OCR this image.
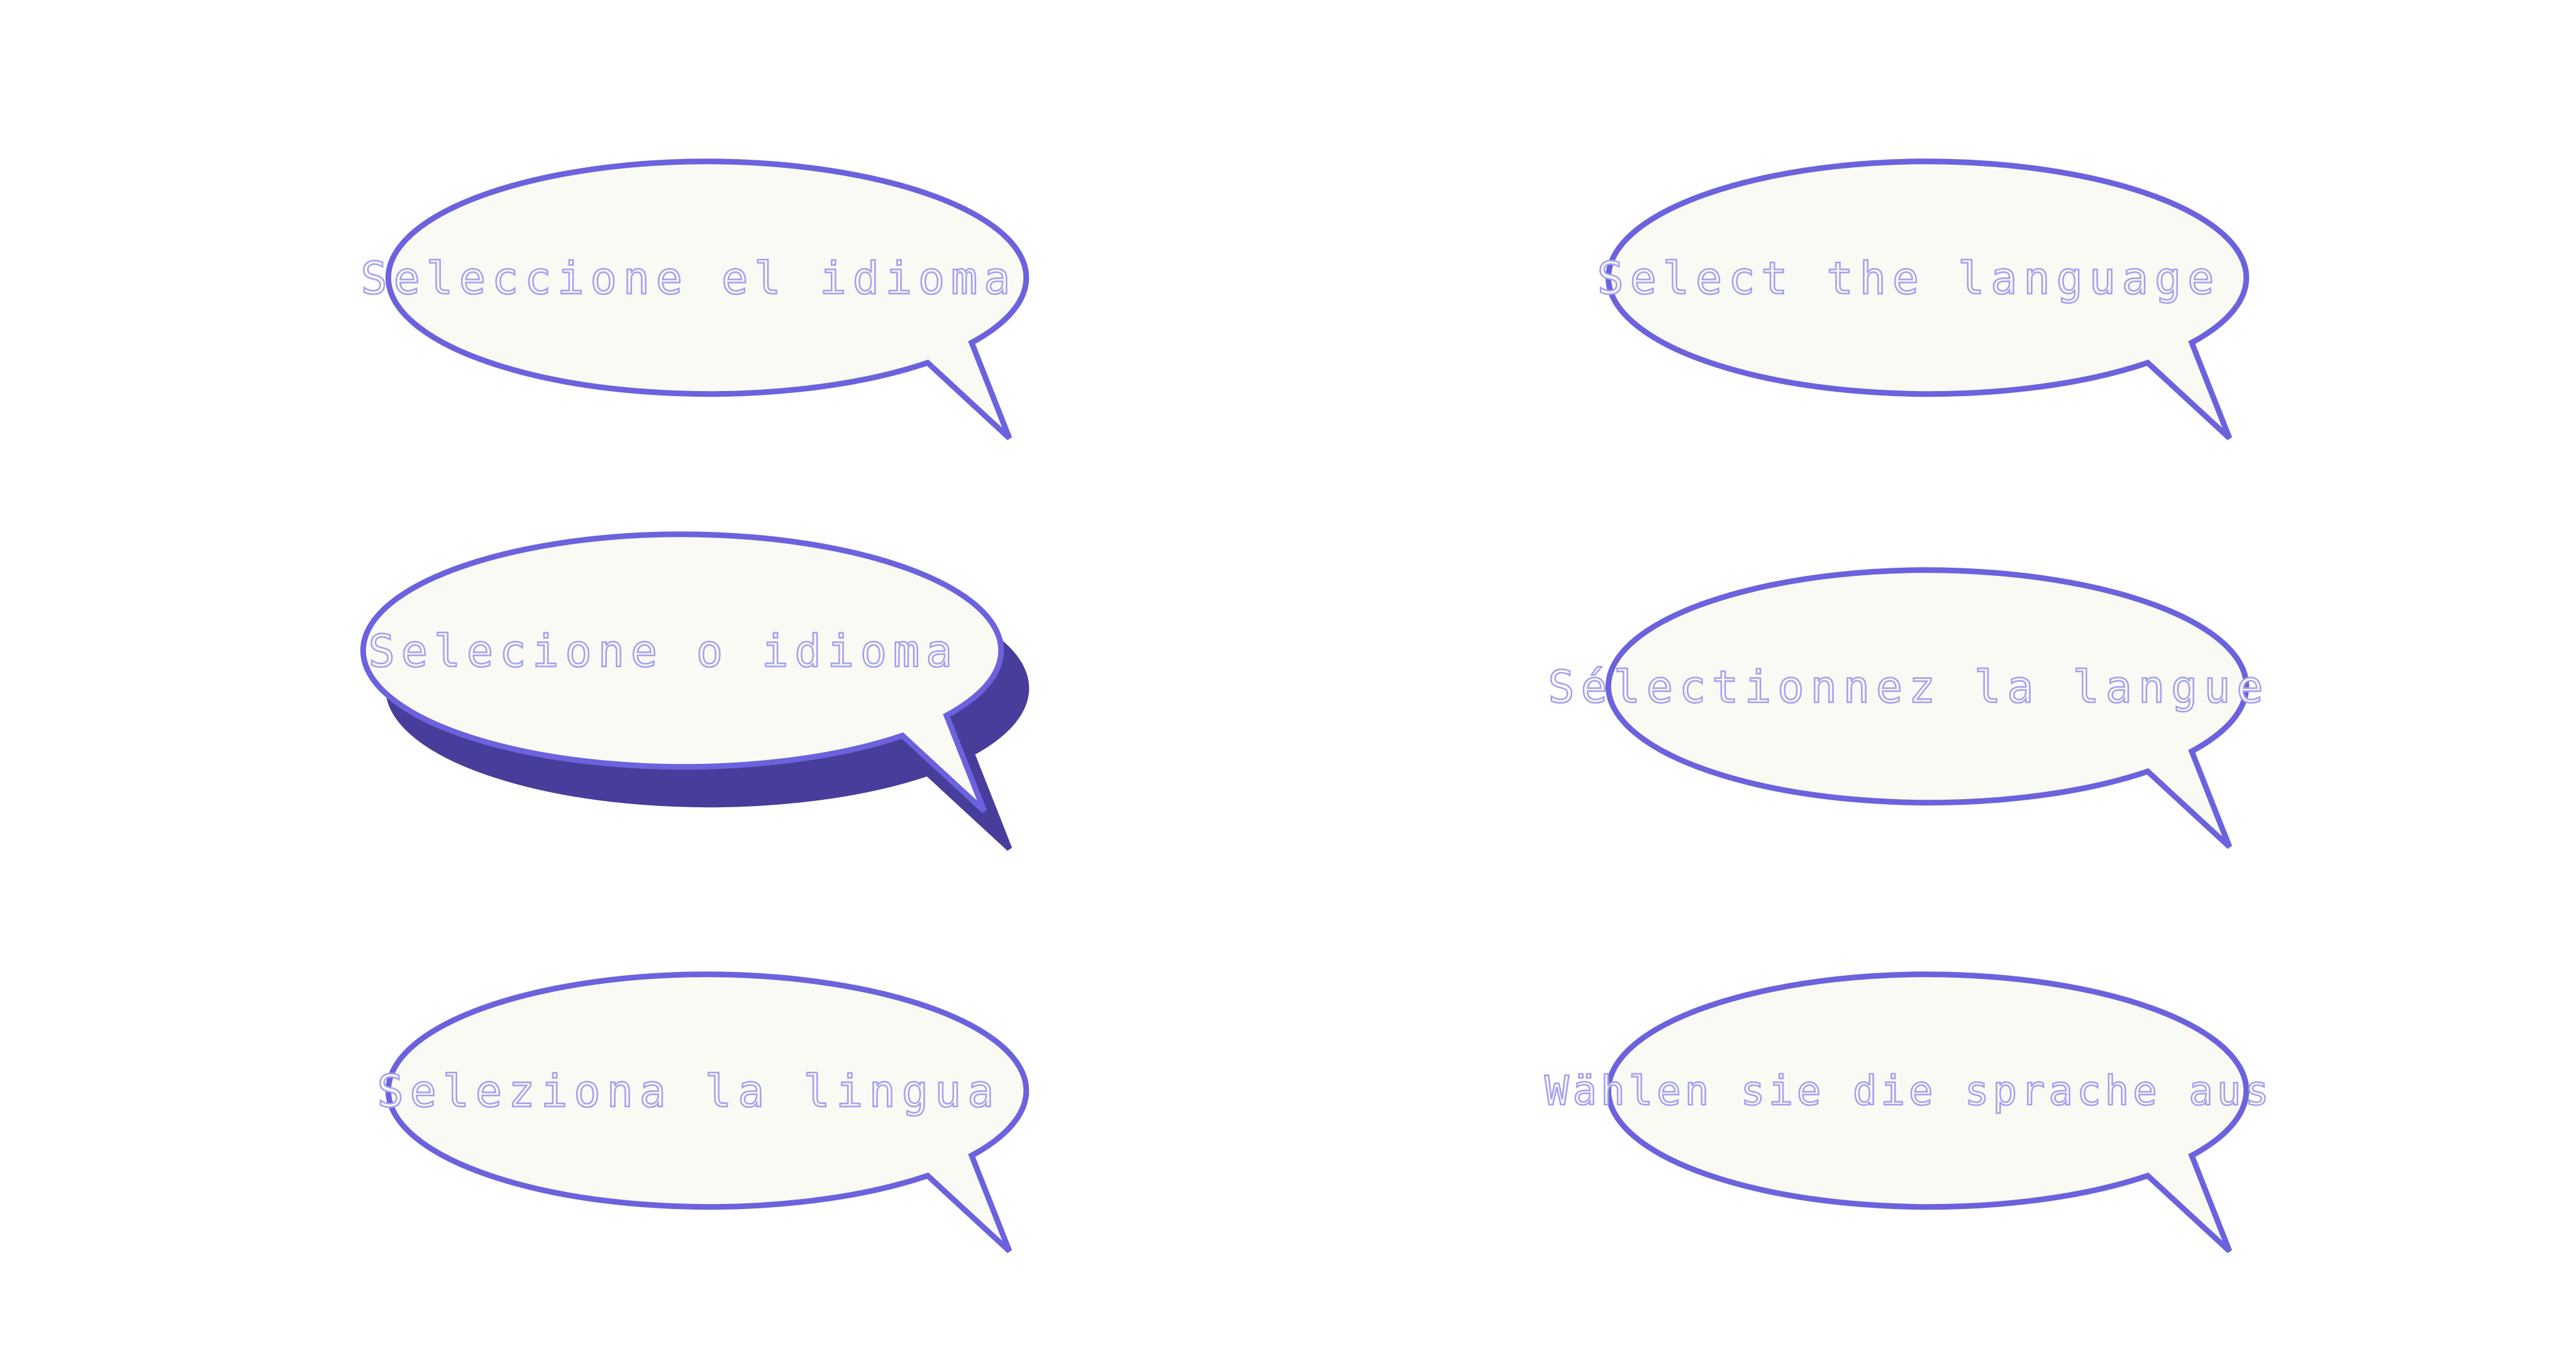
Seleccione el idioma	Select the language
Selecione o idioma
Sélectionnez la langue
Seleziona la lingua	Wählen sie die sprache aus
